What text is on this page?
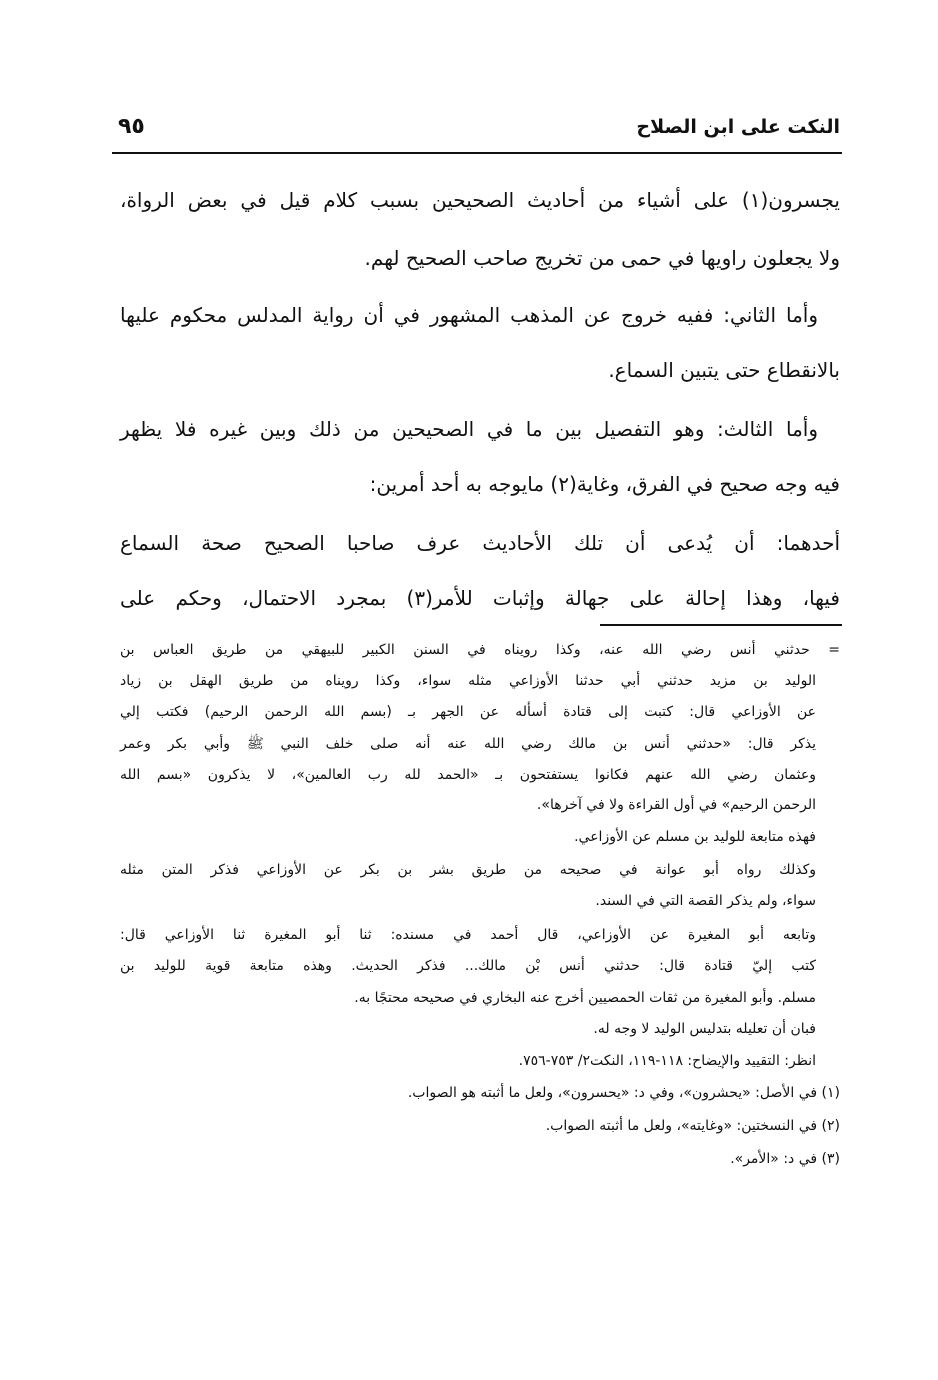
النكت على ابن الصلاح
٩٥
يجسرون(١) على أشياء من أحاديث الصحيحين بسبب كلام قيل في بعض الرواة،
ولا يجعلون راويها في حمى من تخريج صاحب الصحيح لهم.
وأما الثاني: ففيه خروج عن المذهب المشهور في أن رواية المدلس محكوم عليها
بالانقطاع حتى يتبين السماع.
وأما الثالث: وهو التفصيل بين ما في الصحيحين من ذلك وبين غيره فلا يظهر
فيه وجه صحيح في الفرق، وغاية(٢) مايوجه به أحد أمرين:
أحدهما: أن يُدعى أن تلك الأحاديث عرف صاحبا الصحيح صحة السماع
فيها، وهذا إحالة على جهالة وإثبات للأمر(٣) بمجرد الاحتمال، وحكم على
= حدثني أنس رضي الله عنه، وكذا رويناه في السنن الكبير للبيهقي من طريق العباس بن
الوليد بن مزيد حدثني أبي حدثنا الأوزاعي مثله سواء، وكذا رويناه من طريق الهقل بن زياد
عن الأوزاعي قال: كتبت إلى قتادة أسأله عن الجهر بـ (بسم الله الرحمن الرحيم) فكتب إلي
يذكر قال: «حدثني أنس بن مالك رضي الله عنه أنه صلى خلف النبي ﷺ وأبي بكر وعمر
وعثمان رضي الله عنهم فكانوا يستفتحون بـ «الحمد لله رب العالمين»، لا يذكرون «بسم الله
الرحمن الرحيم» في أول القراءة ولا في آخرها».
فهذه متابعة للوليد بن مسلم عن الأوزاعي.
وكذلك رواه أبو عوانة في صحيحه من طريق بشر بن بكر عن الأوزاعي فذكر المتن مثله
سواء، ولم يذكر القصة التي في السند.
وتابعه أبو المغيرة عن الأوزاعي، قال أحمد في مسنده: ثنا أبو المغيرة ثنا الأوزاعي قال:
كتب إليّ قتادة قال: حدثني أنس بْن مالك... فذكر الحديث. وهذه متابعة قوية للوليد بن
مسلم. وأبو المغيرة من ثقات الحمصيين أخرج عنه البخاري في صحيحه محتجًا به.
فبان أن تعليله بتدليس الوليد لا وجه له.
انظر: التقييد والإيضاح: ١١٨-١١٩، النكت٢/ ٧٥٣-٧٥٦.
(١) في الأصل: «يحشرون»، وفي د: «يحسرون»، ولعل ما أثبته هو الصواب.
(٢) في النسختين: «وغايته»، ولعل ما أثبته الصواب.
(٣) في د: «الأمر».
